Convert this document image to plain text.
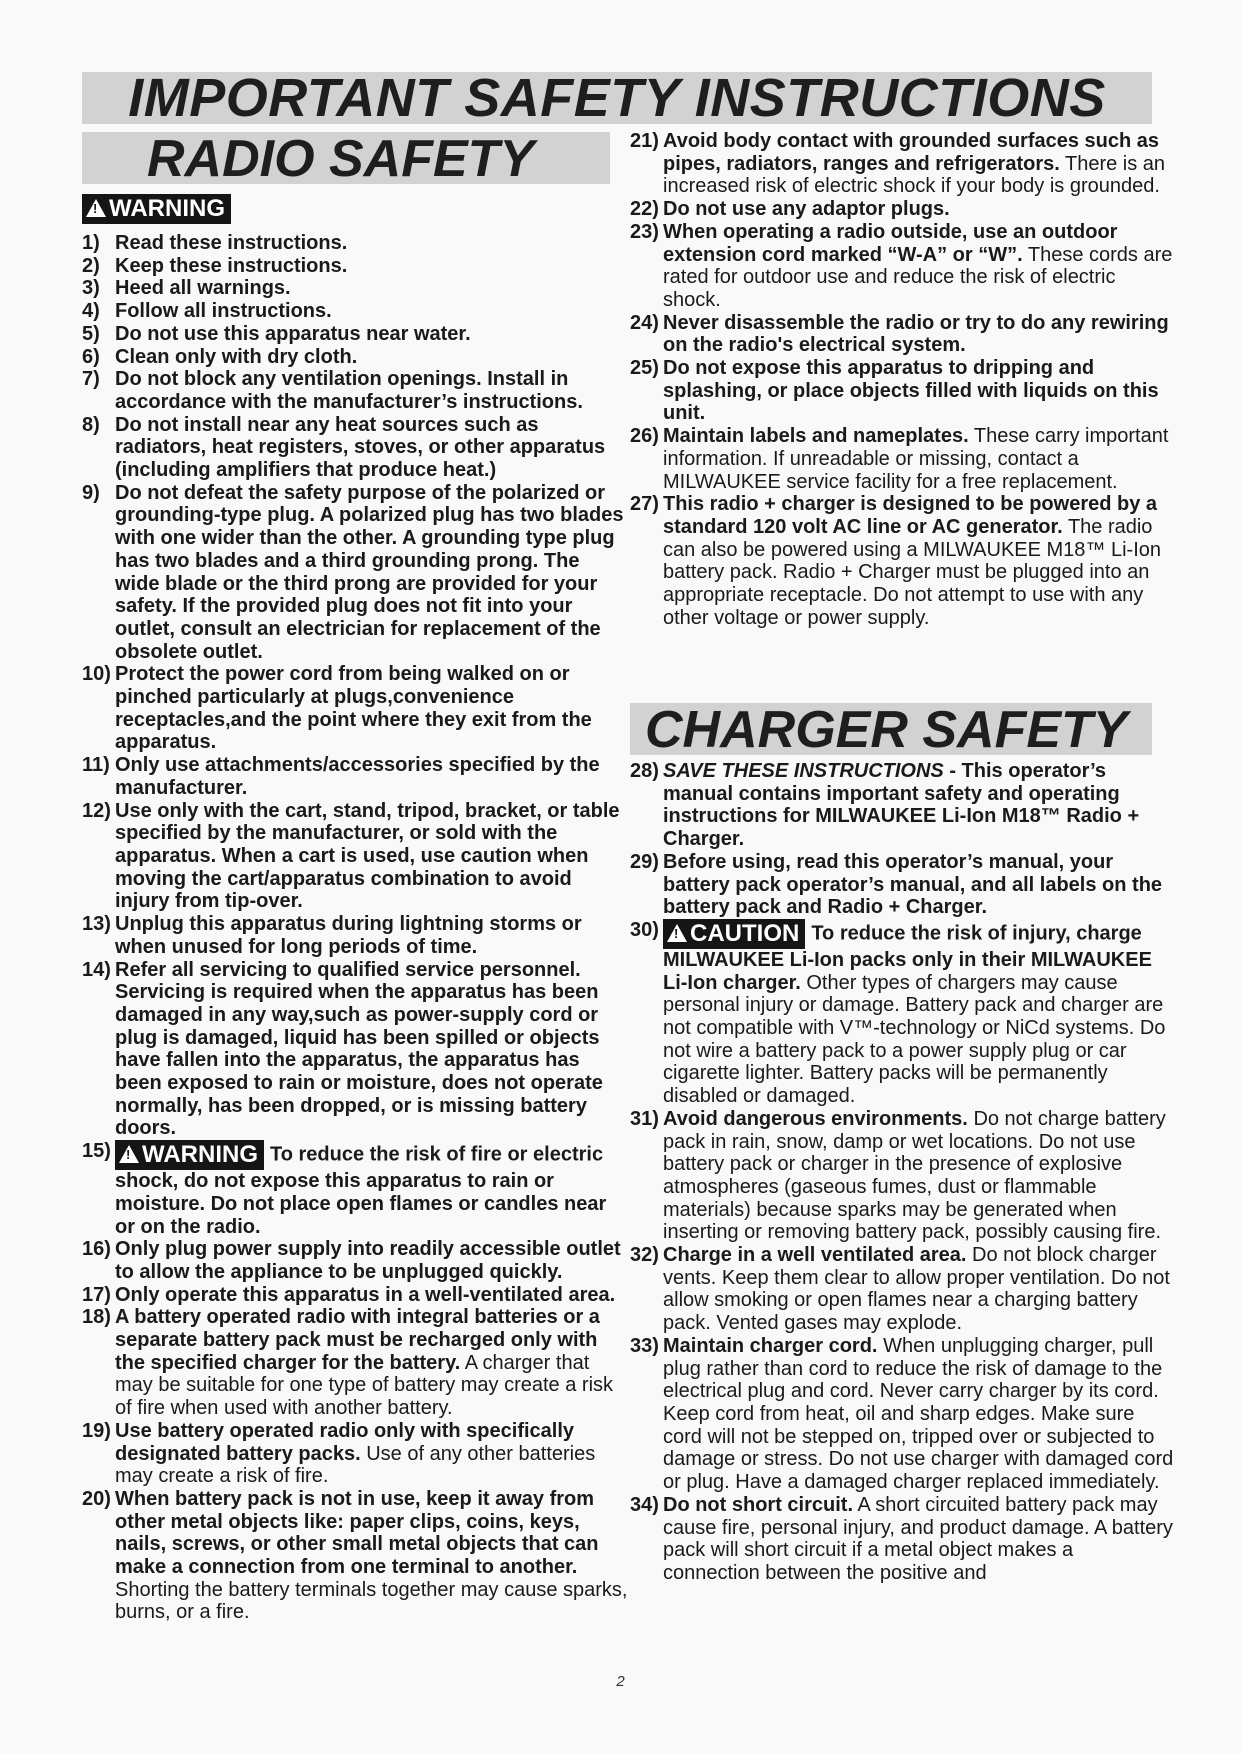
IMPORTANT SAFETY INSTRUCTIONS
RADIO SAFETY
!WARNING
1) Read these instructions.
2) Keep these instructions.
3) Heed all warnings.
4) Follow all instructions.
5) Do not use this apparatus near water.
6) Clean only with dry cloth.
7) Do not block any ventilation openings. Install in accordance with the manufacturer’s instructions.
8) Do not install near any heat sources such as radiators, heat registers, stoves, or other apparatus (including amplifiers that produce heat.)
9) Do not defeat the safety purpose of the polarized or grounding-type plug. A polarized plug has two blades with one wider than the other. A grounding type plug has two blades and a third grounding prong. The wide blade or the third prong are provided for your safety. If the provided plug does not fit into your outlet, consult an electrician for replacement of the obsolete outlet.
10) Protect the power cord from being walked on or pinched particularly at plugs,convenience receptacles,and the point where they exit from the apparatus.
11) Only use attachments/accessories specified by the manufacturer.
12) Use only with the cart, stand, tripod, bracket, or table specified by the manufacturer, or sold with the apparatus. When a cart is used, use caution when moving the cart/apparatus combination to avoid injury from tip-over.
13) Unplug this apparatus during lightning storms or when unused for long periods of time.
14) Refer all servicing to qualified service personnel. Servicing is required when the apparatus has been damaged in any way,such as power-supply cord or plug is damaged, liquid has been spilled or objects have fallen into the apparatus, the apparatus has been exposed to rain or moisture, does not operate normally, has been dropped, or is missing battery doors.
15) ! WARNING To reduce the risk of fire or electric shock, do not expose this apparatus to rain or moisture. Do not place open flames or candles near or on the radio.
16) Only plug power supply into readily accessible outlet to allow the appliance to be unplugged quickly.
17) Only operate this apparatus in a well-ventilated area.
18) A battery operated radio with integral batteries or a separate battery pack must be recharged only with the specified charger for the battery. A charger that may be suitable for one type of battery may create a risk of fire when used with another battery.
19) Use battery operated radio only with specifically designated battery packs. Use of any other batteries may create a risk of fire.
20) When battery pack is not in use, keep it away from other metal objects like: paper clips, coins, keys, nails, screws, or other small metal objects that can make a connection from one terminal to another. Shorting the battery terminals together may cause sparks, burns, or a fire.
21) Avoid body contact with grounded surfaces such as pipes, radiators, ranges and refrigerators. There is an increased risk of electric shock if your body is grounded.
22) Do not use any adaptor plugs.
23) When operating a radio outside, use an outdoor extension cord marked “W-A” or “W”. These cords are rated for outdoor use and reduce the risk of electric shock.
24) Never disassemble the radio or try to do any rewiring on the radio's electrical system.
25) Do not expose this apparatus to dripping and splashing, or place objects filled with liquids on this unit.
26) Maintain labels and nameplates. These carry important information. If unreadable or missing, contact a MILWAUKEE service facility for a free replacement.
27) This radio + charger is designed to be powered by a standard 120 volt AC line or AC generator. The radio can also be powered using a MILWAUKEE M18™ Li-Ion battery pack. Radio + Charger must be plugged into an appropriate receptacle. Do not attempt to use with any other voltage or power supply.
CHARGER SAFETY
28) SAVE THESE INSTRUCTIONS - This operator’s manual contains important safety and operating instructions for MILWAUKEE Li-Ion M18™ Radio + Charger.
29) Before using, read this operator’s manual, your battery pack operator’s manual, and all labels on the battery pack and Radio + Charger.
30) ! CAUTION To reduce the risk of injury, charge MILWAUKEE Li-Ion packs only in their MILWAUKEE Li-Ion charger. Other types of chargers may cause personal injury or damage. Battery pack and charger are not compatible with V™-technology or NiCd systems. Do not wire a battery pack to a power supply plug or car cigarette lighter. Battery packs will be permanently disabled or damaged.
31) Avoid dangerous environments. Do not charge battery pack in rain, snow, damp or wet locations. Do not use battery pack or charger in the presence of explosive atmospheres (gaseous fumes, dust or flammable materials) because sparks may be generated when inserting or removing battery pack, possibly causing fire.
32) Charge in a well ventilated area. Do not block charger vents. Keep them clear to allow proper ventilation. Do not allow smoking or open flames near a charging battery pack. Vented gases may explode.
33) Maintain charger cord. When unplugging charger, pull plug rather than cord to reduce the risk of damage to the electrical plug and cord. Never carry charger by its cord. Keep cord from heat, oil and sharp edges. Make sure cord will not be stepped on, tripped over or subjected to damage or stress. Do not use charger with damaged cord or plug. Have a damaged charger replaced immediately.
34) Do not short circuit. A short circuited battery pack may cause fire, personal injury, and product damage. A battery pack will short circuit if a metal object makes a connection between the positive and
2
